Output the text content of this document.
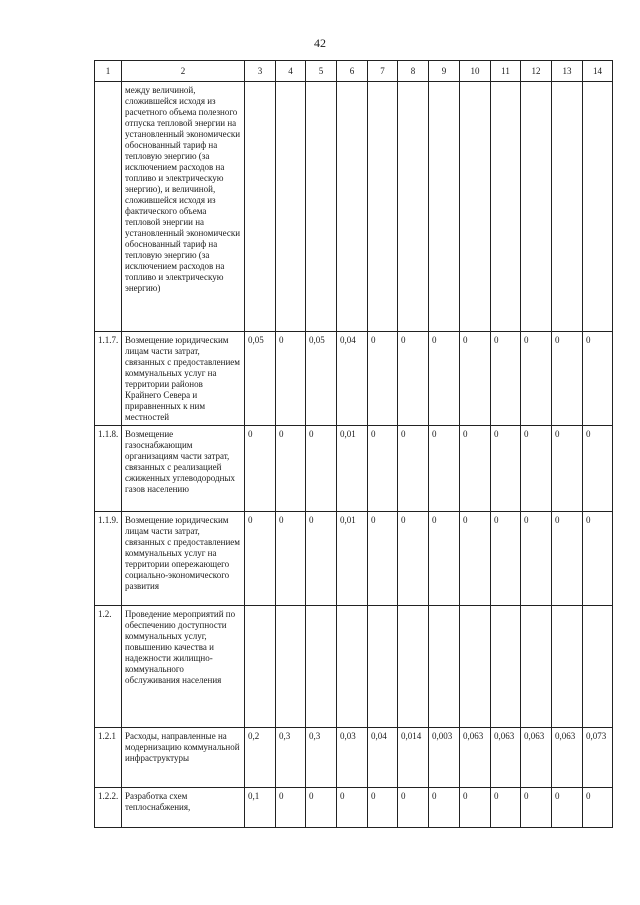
42
1	2	3	4	5	6	7	8	9	10	11	12	13	14
	между величиной, сложившейся исходя из расчетного объема полезного отпуска тепловой энергии на установленный экономически обоснованный тариф на тепловую энергию (за исключением расходов на топливо и электрическую энергию), и величиной, сложившейся исходя из фактического объема тепловой энергии на установленный экономически обоснованный тариф на тепловую энергию (за исключением расходов на топливо и электрическую энергию)												
1.1.7.	Возмещение юридическим лицам части затрат, связанных с предоставлением коммунальных услуг на территории районов Крайнего Севера и приравненных к ним местностей	0,05	0	0,05	0,04	0	0	0	0	0	0	0	0
1.1.8.	Возмещение газоснабжающим организациям части затрат, связанных с реализацией сжиженных углеводородных газов населению	0	0	0	0,01	0	0	0	0	0	0	0	0
1.1.9.	Возмещение юридическим лицам части затрат, связанных с предоставлением коммунальных услуг на территории опережающего социально-экономического развития	0	0	0	0,01	0	0	0	0	0	0	0	0
1.2.	Проведение мероприятий по обеспечению доступности коммунальных услуг, повышению качества и надежности жилищно-коммунального обслуживания населения												
1.2.1	Расходы, направленные на модернизацию коммунальной инфраструктуры	0,2	0,3	0,3	0,03	0,04	0,014	0,003	0,063	0,063	0,063	0,063	0,073
1.2.2.	Разработка схем теплоснабжения,	0,1	0	0	0	0	0	0	0	0	0	0	0
